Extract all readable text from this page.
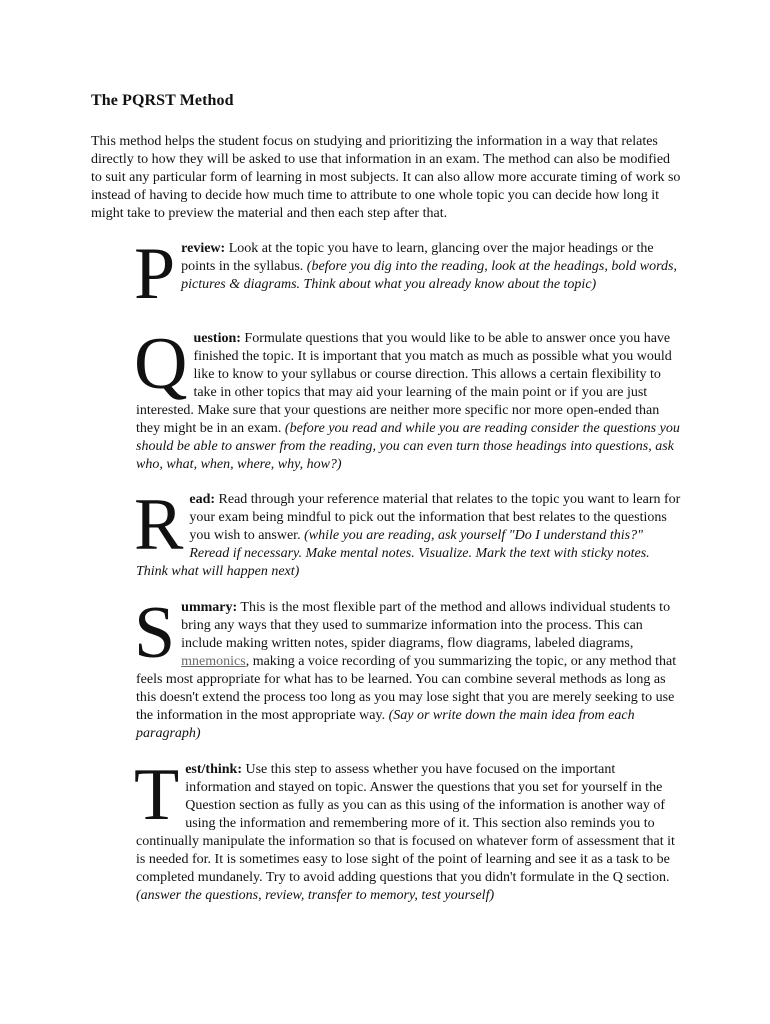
The PQRST Method
This method helps the student focus on studying and prioritizing the information in a way that relates directly to how they will be asked to use that information in an exam. The method can also be modified to suit any particular form of learning in most subjects. It can also allow more accurate timing of work so instead of having to decide how much time to attribute to one whole topic you can decide how long it might take to preview the material and then each step after that.

Preview: Look at the topic you have to learn, glancing over the major headings or the points in the syllabus. (before you dig into the reading, look at the headings, bold words, pictures & diagrams. Think about what you already know about the topic)

Question: Formulate questions that you would like to be able to answer once you have finished the topic. It is important that you match as much as possible what you would like to know to your syllabus or course direction. This allows a certain flexibility to take in other topics that may aid your learning of the main point or if you are just interested. Make sure that your questions are neither more specific nor more open-ended than they might be in an exam. (before you read and while you are reading consider the questions you should be able to answer from the reading, you can even turn those headings into questions, ask who, what, when, where, why, how?)

Read: Read through your reference material that relates to the topic you want to learn for your exam being mindful to pick out the information that best relates to the questions you wish to answer. (while you are reading, ask yourself "Do I understand this?" Reread if necessary. Make mental notes. Visualize. Mark the text with sticky notes. Think what will happen next)

Summary: This is the most flexible part of the method and allows individual students to bring any ways that they used to summarize information into the process. This can include making written notes, spider diagrams, flow diagrams, labeled diagrams, mnemonics, making a voice recording of you summarizing the topic, or any method that feels most appropriate for what has to be learned. You can combine several methods as long as this doesn't extend the process too long as you may lose sight that you are merely seeking to use the information in the most appropriate way. (Say or write down the main idea from each paragraph)

Test/think: Use this step to assess whether you have focused on the important information and stayed on topic. Answer the questions that you set for yourself in the Question section as fully as you can as this using of the information is another way of using the information and remembering more of it. This section also reminds you to continually manipulate the information so that is focused on whatever form of assessment that it is needed for. It is sometimes easy to lose sight of the point of learning and see it as a task to be completed mundanely. Try to avoid adding questions that you didn't formulate in the Q section. (answer the questions, review, transfer to memory, test yourself)
